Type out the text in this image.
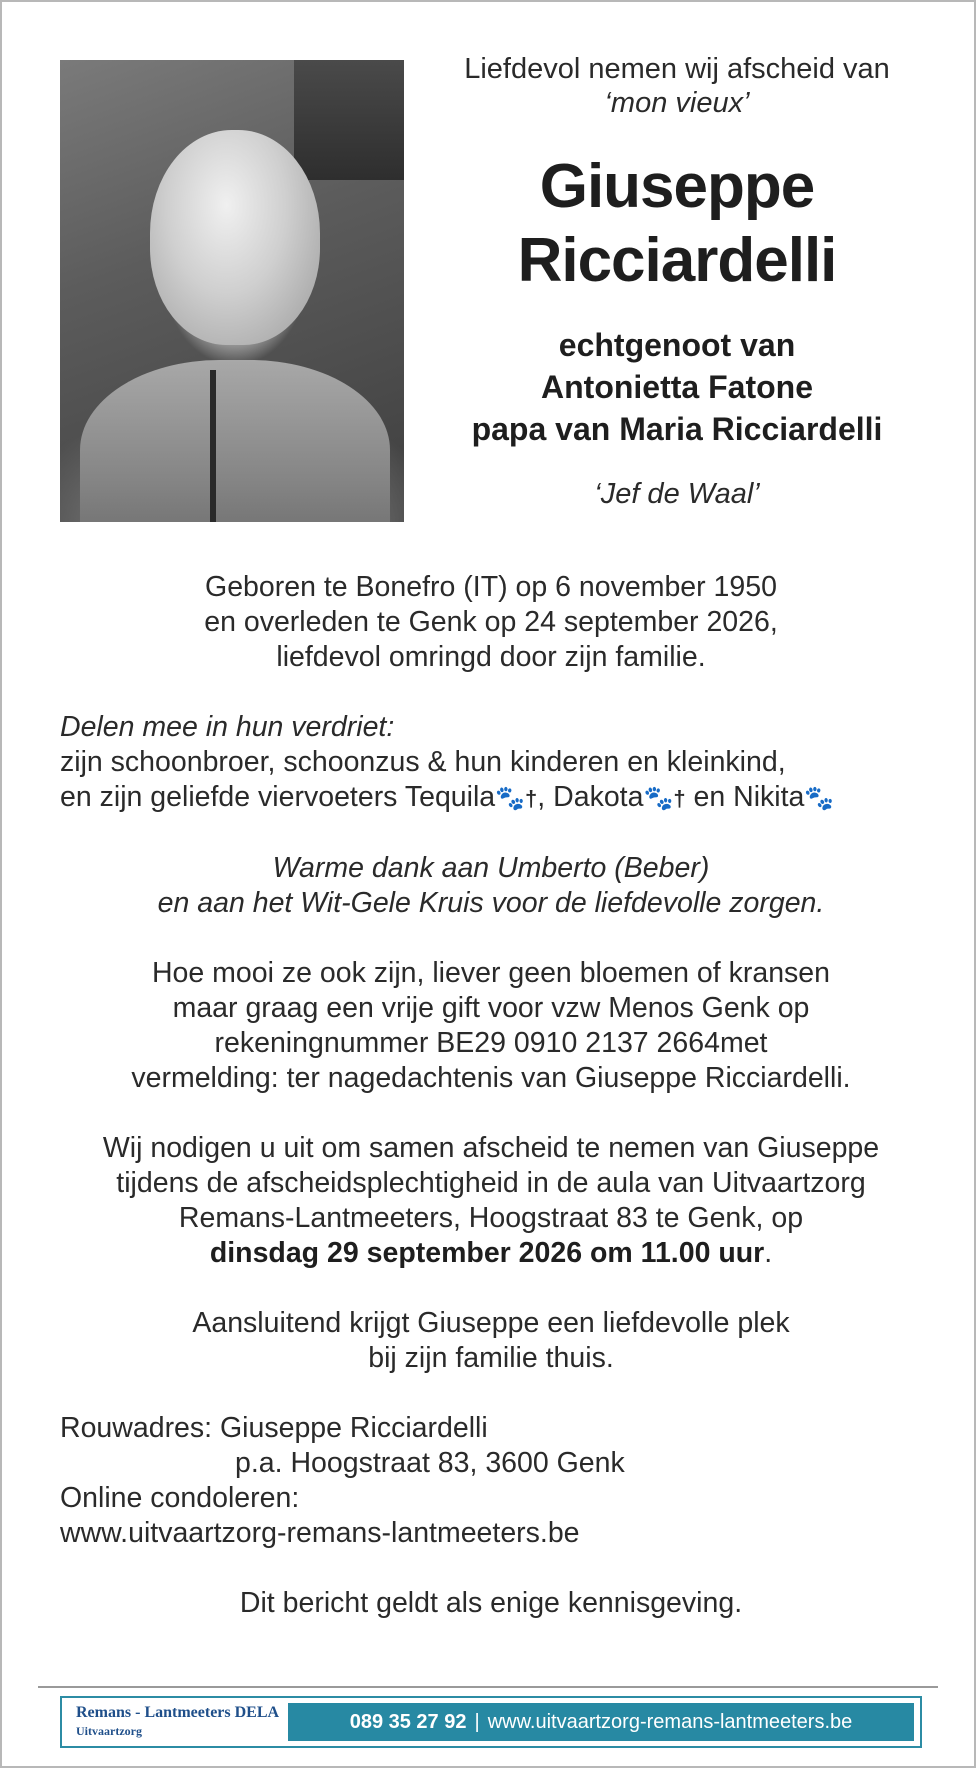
Liefdevol nemen wij afscheid van
‘mon vieux’
Giuseppe
Ricciardelli
echtgenoot van
Antonietta Fatone
papa van Maria Ricciardelli
‘Jef de Waal’
Geboren te Bonefro (IT) op 6 november 1950
en overleden te Genk op 24 september 2026,
liefdevol omringd door zijn familie.
Delen mee in hun verdriet:
zijn schoonbroer, schoonzus & hun kinderen en kleinkind,
en zijn geliefde viervoeters Tequila🐾†, Dakota🐾† en Nikita🐾
Warme dank aan Umberto (Beber)
en aan het Wit-Gele Kruis voor de liefdevolle zorgen.
Hoe mooi ze ook zijn, liever geen bloemen of kransen
maar graag een vrije gift voor vzw Menos Genk op
rekeningnummer BE29 0910 2137 2664met
vermelding: ter nagedachtenis van Giuseppe Ricciardelli.
Wij nodigen u uit om samen afscheid te nemen van Giuseppe
tijdens de afscheidsplechtigheid in de aula van Uitvaartzorg
Remans-Lantmeeters, Hoogstraat 83 te Genk, op
dinsdag 29 september 2026 om 11.00 uur.
Aansluitend krijgt Giuseppe een liefdevolle plek
bij zijn familie thuis.
Rouwadres: Giuseppe Ricciardelli
p.a. Hoogstraat 83, 3600 Genk
Online condoleren:
www.uitvaartzorg-remans-lantmeeters.be
Dit bericht geldt als enige kennisgeving.
Remans - Lantmeeters DELA
Uitvaartzorg	089 35 27 92 | www.uitvaartzorg-remans-lantmeeters.be
